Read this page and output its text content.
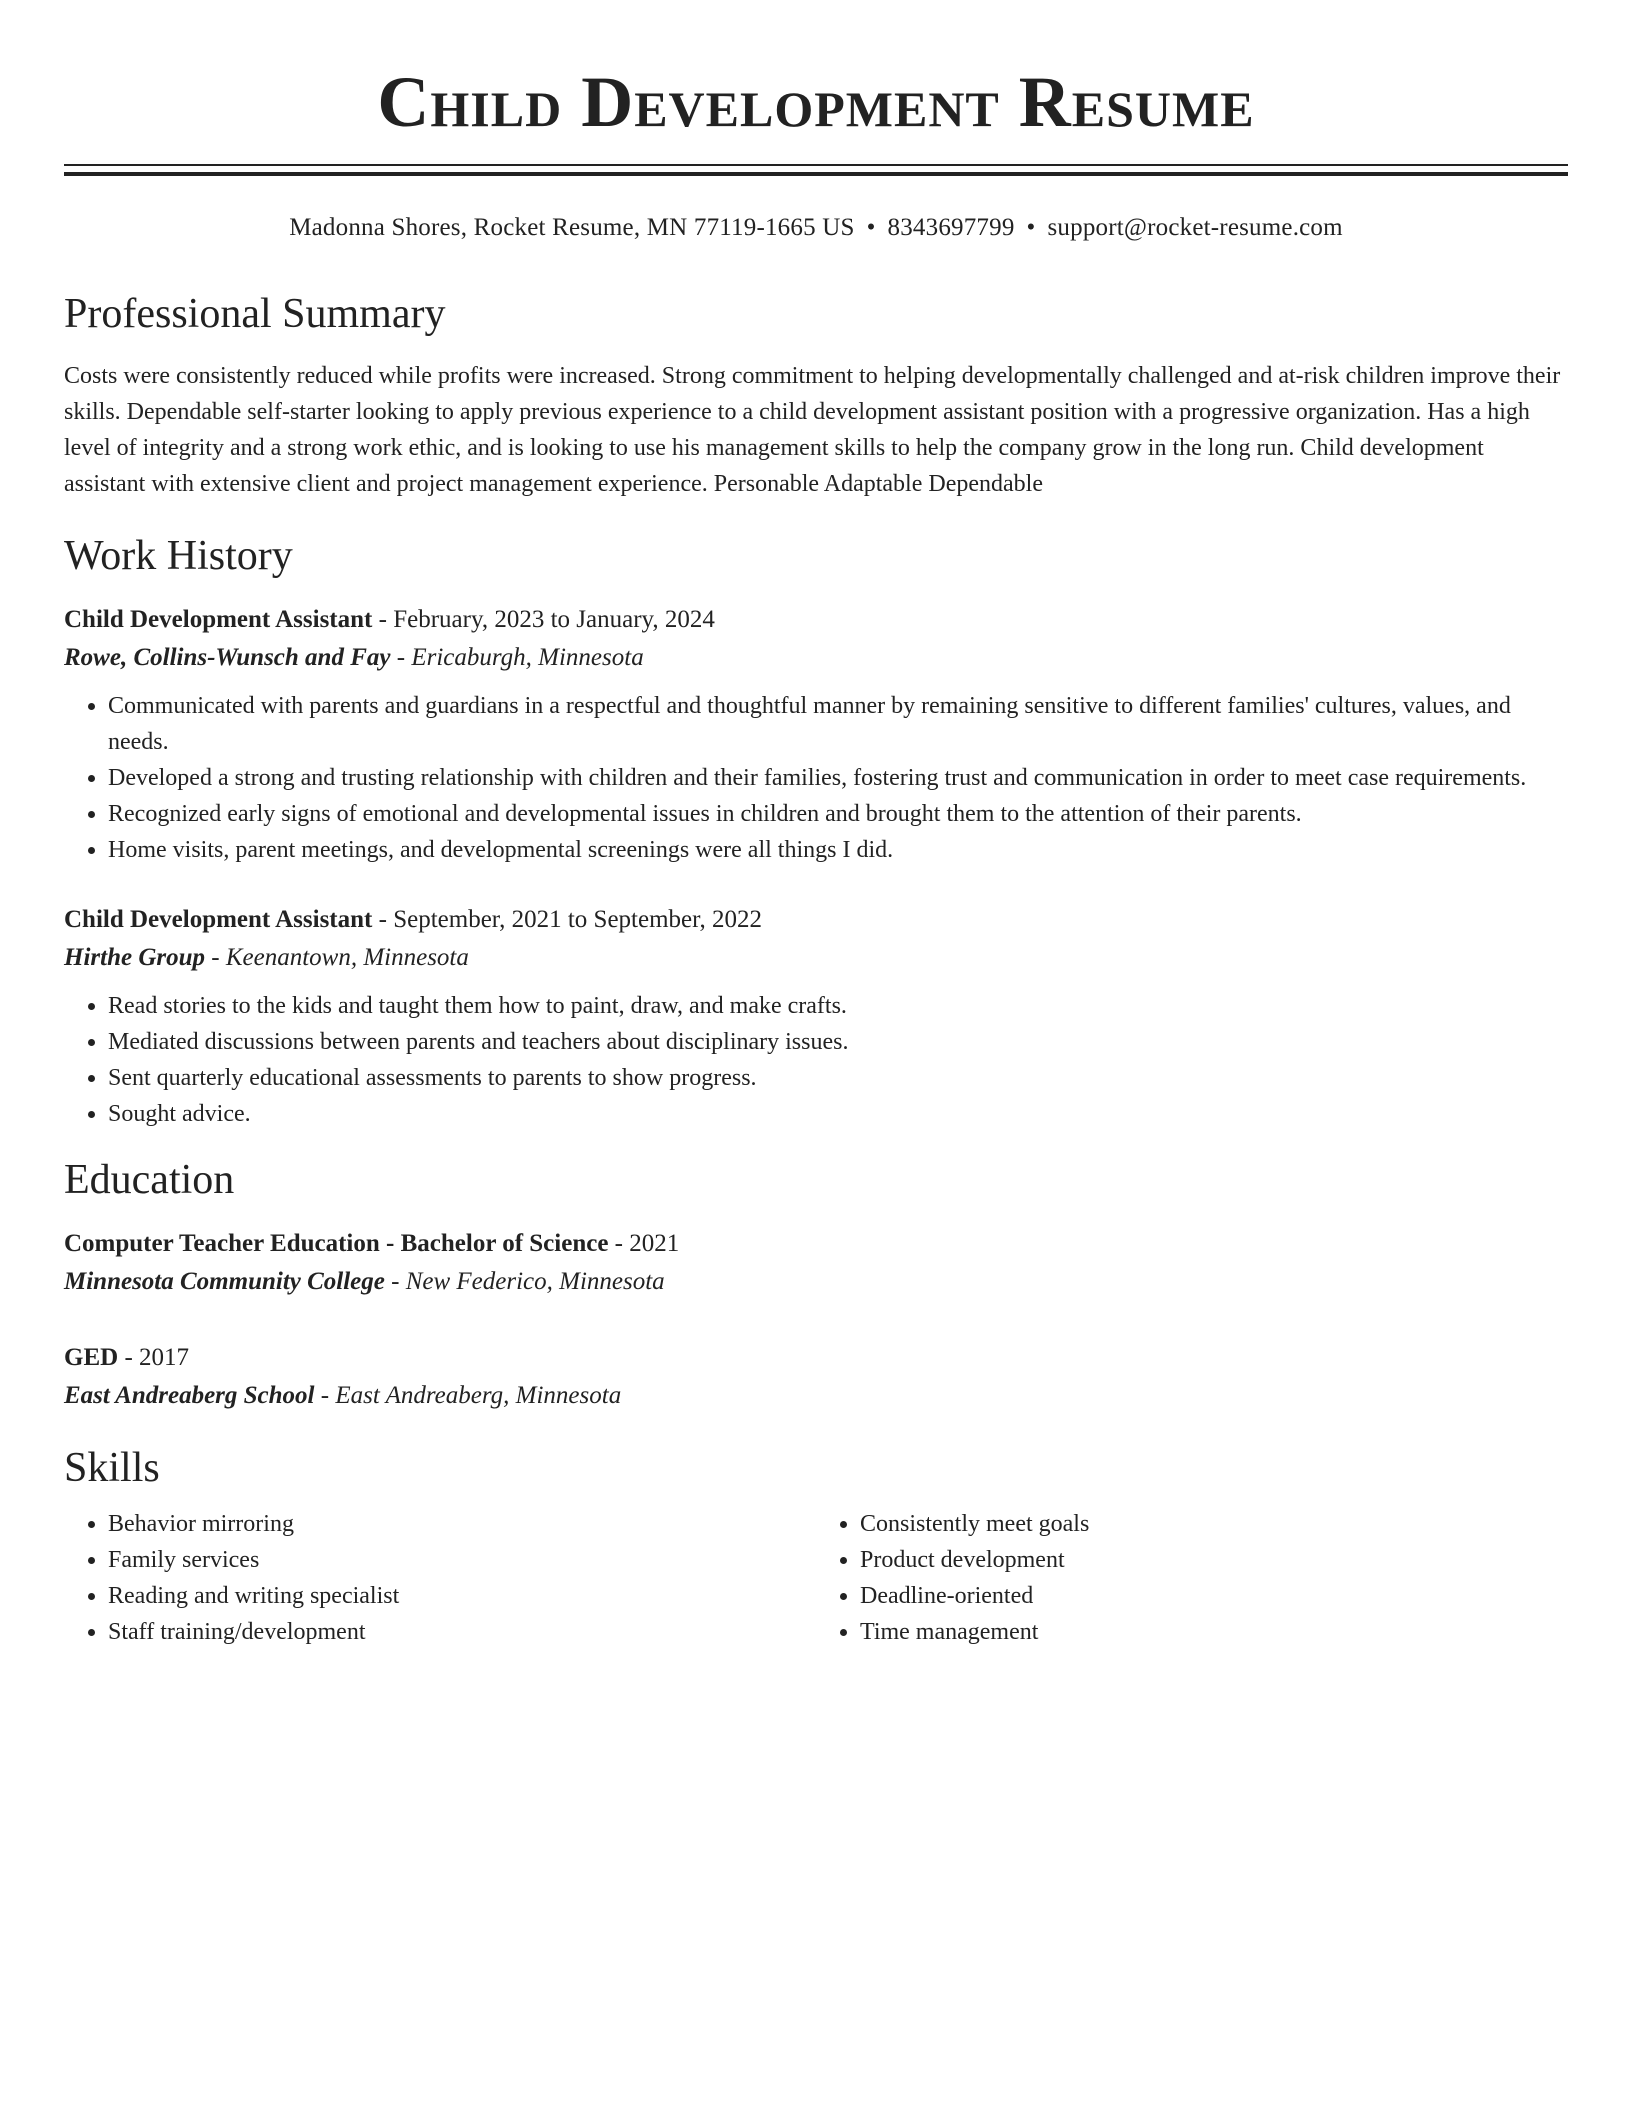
Child Development Resume
Madonna Shores, Rocket Resume, MN 77119-1665 US • 8343697799 • support@rocket-resume.com
Professional Summary
Costs were consistently reduced while profits were increased. Strong commitment to helping developmentally challenged and at-risk children improve their skills. Dependable self-starter looking to apply previous experience to a child development assistant position with a progressive organization. Has a high level of integrity and a strong work ethic, and is looking to use his management skills to help the company grow in the long run. Child development assistant with extensive client and project management experience. Personable Adaptable Dependable
Work History
Child Development Assistant - February, 2023 to January, 2024
Rowe, Collins-Wunsch and Fay - Ericaburgh, Minnesota
• Communicated with parents and guardians in a respectful and thoughtful manner by remaining sensitive to different families' cultures, values, and needs.
• Developed a strong and trusting relationship with children and their families, fostering trust and communication in order to meet case requirements.
• Recognized early signs of emotional and developmental issues in children and brought them to the attention of their parents.
• Home visits, parent meetings, and developmental screenings were all things I did.
Child Development Assistant - September, 2021 to September, 2022
Hirthe Group - Keenantown, Minnesota
• Read stories to the kids and taught them how to paint, draw, and make crafts.
• Mediated discussions between parents and teachers about disciplinary issues.
• Sent quarterly educational assessments to parents to show progress.
• Sought advice.
Education
Computer Teacher Education - Bachelor of Science - 2021
Minnesota Community College - New Federico, Minnesota
GED - 2017
East Andreaberg School - East Andreaberg, Minnesota
Skills
• Behavior mirroring
• Family services
• Reading and writing specialist
• Staff training/development
• Consistently meet goals
• Product development
• Deadline-oriented
• Time management
